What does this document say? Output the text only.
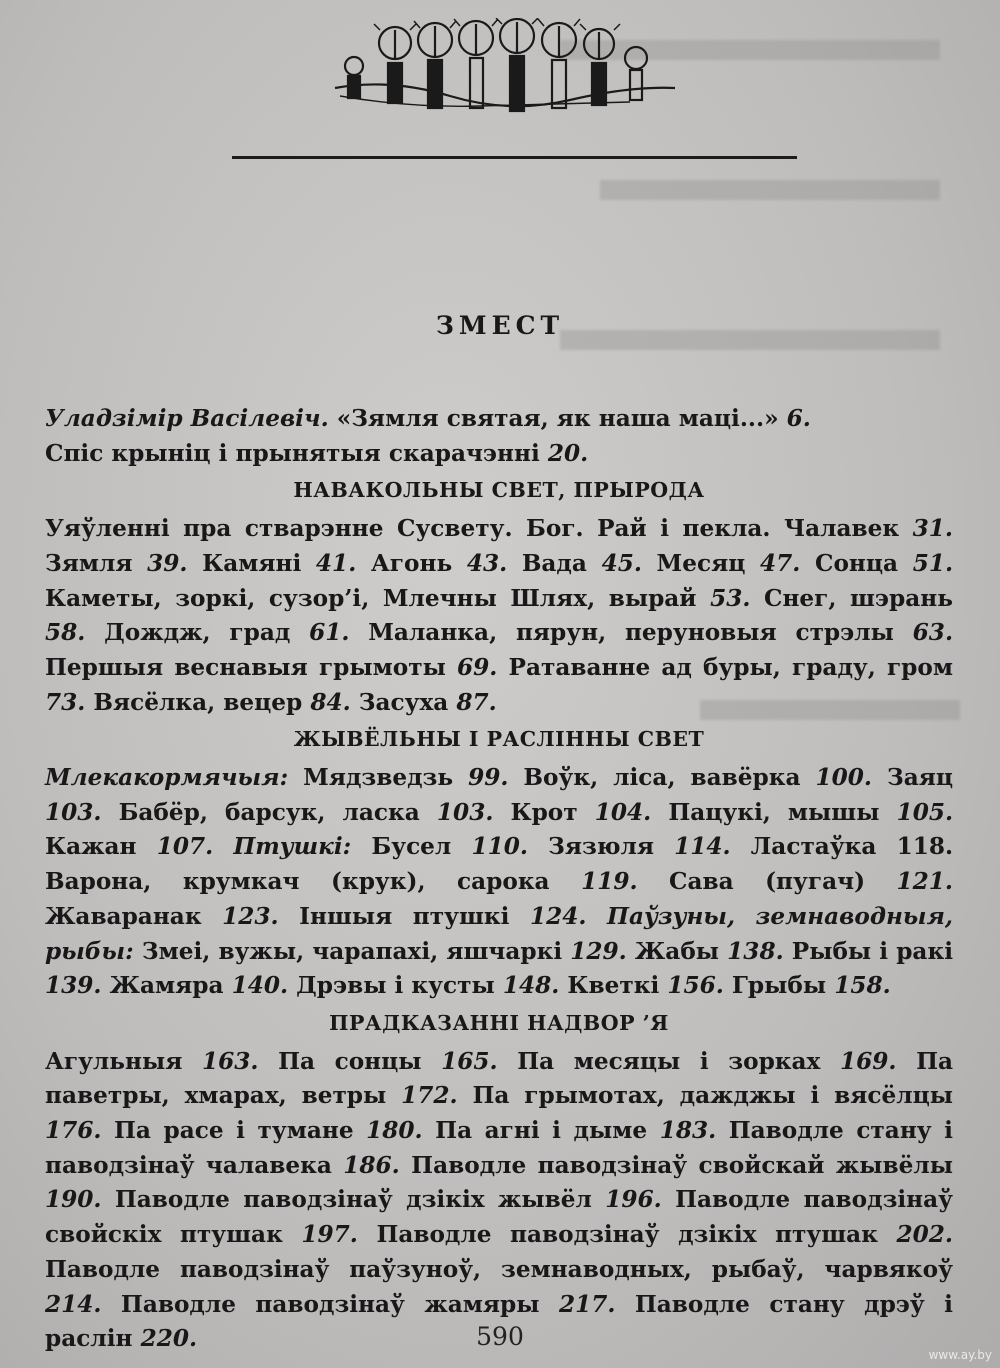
ЗМЕСТ
Уладзімір Васілевіч. «Зямля святая, як наша маці...» 6.
Спіс крыніц і прынятыя скарачэнні 20.
НАВАКОЛЬНЫ СВЕТ, ПРЫРОДА
Уяўленні пра стварэнне Сусвету. Бог. Рай і пекла. Чалавек 31. Зямля 39. Камяні 41. Агонь 43. Вада 45. Месяц 47. Сонца 51. Каметы, зоркі, сузор’і, Млечны Шлях, вырай 53. Снег, шэрань 58. Дождж, град 61. Маланка, пярун, перуновыя стрэлы 63. Першыя веснавыя грымоты 69. Ратаванне ад буры, граду, гром 73. Вясёлка, вецер 84. Засуха 87.
ЖЫВЁЛЬНЫ І РАСЛІННЫ СВЕТ
Млекакормячыя: Мядзведзь 99. Воўк, ліса, вавёрка 100. Заяц 103. Бабёр, барсук, ласка 103. Крот 104. Пацукі, мышы 105. Кажан 107. Птушкі: Бусел 110. Зязюля 114. Ластаўка 118. Варона, крумкач (крук), сарока 119. Сава (пугач) 121. Жаваранак 123. Іншыя птушкі 124. Паўзуны, земнаводныя, рыбы: Змеі, вужы, чарапахі, яшчаркі 129. Жабы 138. Рыбы і ракі 139. Жамяра 140. Дрэвы і кусты 148. Кветкі 156. Грыбы 158.
ПРАДКАЗАННІ НАДВОР ’Я
Агульныя 163. Па сонцы 165. Па месяцы і зорках 169. Па паветры, хмарах, ветры 172. Па грымотах, дажджы і вясёлцы 176. Па расе і тумане 180. Па агні і дыме 183. Паводле стану і паводзінаў чалавека 186. Паводле паводзінаў свойскай жывёлы 190. Паводле паводзінаў дзікіх жывёл 196. Паводле паводзінаў свойскіх птушак 197. Паводле паводзінаў дзікіх птушак 202. Паводле паводзінаў паўзуноў, земнаводных, рыбаў, чарвякоў 214. Паводле паводзінаў жамяры 217. Паводле стану дрэў і раслін 220.	590
www.ay.by
